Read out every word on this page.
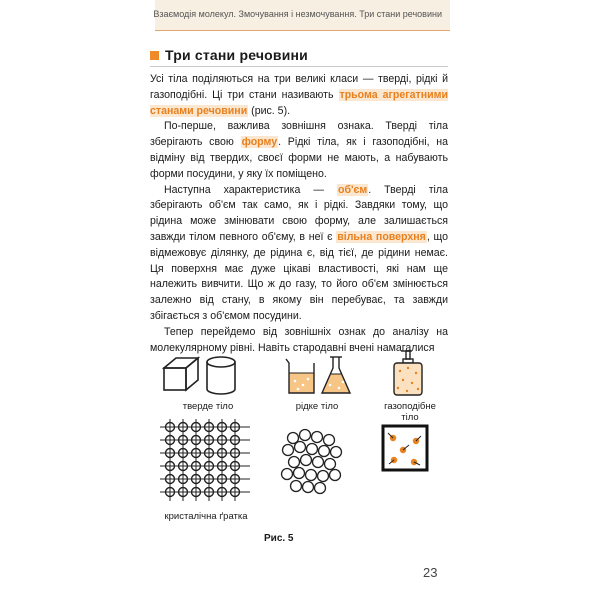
Взаємодія молекул. Змочування і незмочування. Три стани речовини
Три стани речовини

Усі тіла поділяються на три великі класи — тверді, рідкі й газоподібні. Ці три стани називають трьома агрегатними станами речовини (рис. 5).

По-перше, важлива зовнішня ознака. Тверді тіла зберігають свою форму. Рідкі тіла, як і газоподібні, на відміну від твердих, своєї форми не мають, а набувають форми посудини, у яку їх поміщено.

Наступна характеристика — об'єм. Тверді тіла зберігають об'єм так само, як і рідкі. Завдяки тому, що рідина може змінювати свою форму, але залишається завжди тілом певного об'єму, в неї є вільна поверхня, що відмежовує ділянку, де рідина є, від тієї, де рідини немає. Ця поверхня має дуже цікаві властивості, які нам ще належить вивчити. Що ж до газу, то його об'єм змінюється залежно від стану, в якому він перебуває, та завжди збігається з об'ємом посудини.

Тепер перейдемо від зовнішніх ознак до аналізу на молекулярному рівні. Навіть стародавні вчені намагалися

тверде тіло	рідке тіло	газоподібне
тіло
кристалічна ґратка
Рис. 5
23
